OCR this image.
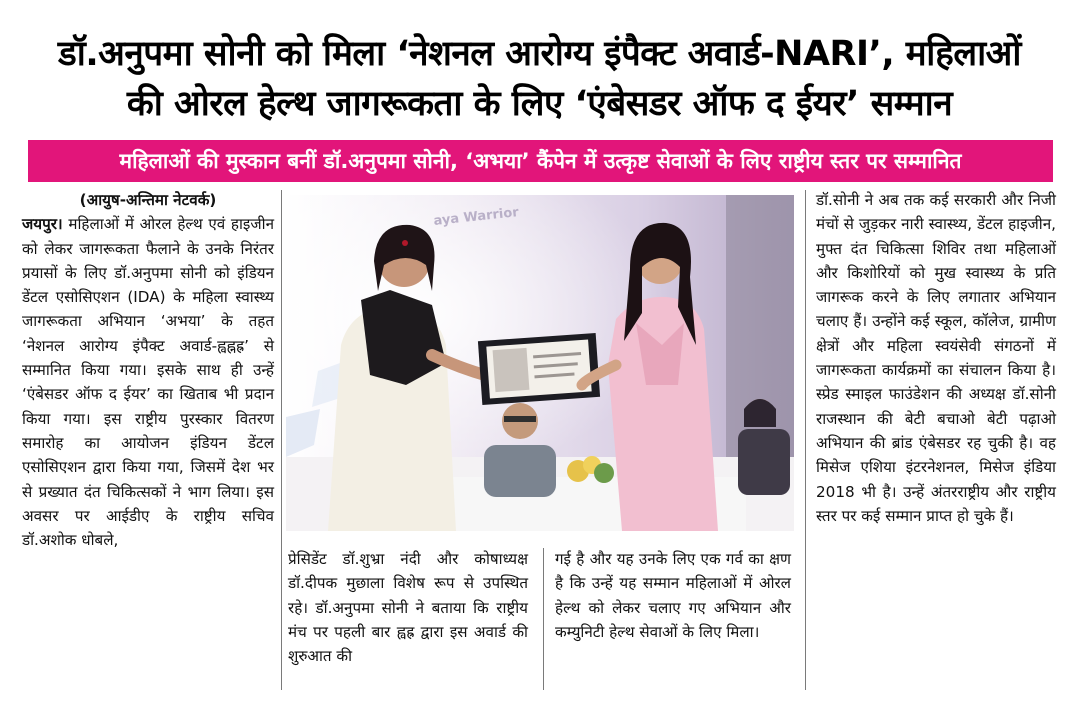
डॉ.अनुपमा सोनी को मिला ‘नेशनल आरोग्य इंपैक्ट अवार्ड-NARI’, महिलाओं
की ओरल हेल्थ जागरूकता के लिए ‘एंबेसडर ऑफ द ईयर’ सम्मान
महिलाओं की मुस्कान बनीं डॉ.अनुपमा सोनी, ‘अभया’ कैंपेन में उत्कृष्ट सेवाओं के लिए राष्ट्रीय स्तर पर सम्मानित
(आयुष-अन्तिमा नेटवर्क)
जयपुर। महिलाओं में ओरल हेल्थ एवं हाइजीन को लेकर जागरूकता फैलाने के उनके निरंतर प्रयासों के लिए डॉ.अनुपमा सोनी को इंडियन डेंटल एसोसिएशन (IDA) के महिला स्वास्थ्य जागरूकता अभियान ‘अभया’ के तहत ‘नेशनल आरोग्य इंपैक्ट अवार्ड-ह्वह्नह्र’ से सम्मानित किया गया। इसके साथ ही उन्हें ‘एंबेसडर ऑफ द ईयर’ का खिताब भी प्रदान किया गया। इस राष्ट्रीय पुरस्कार वितरण समारोह का आयोजन इंडियन डेंटल एसोसिएशन द्वारा किया गया, जिसमें देश भर से प्रख्यात दंत चिकित्सकों ने भाग लिया। इस अवसर पर आईडीए के राष्ट्रीय सचिव डॉ.अशोक धोबले,
aya Warrior
प्रेसिडेंट डॉ.शुभ्रा नंदी और कोषाध्यक्ष डॉ.दीपक मुछाला विशेष रूप से उपस्थित रहे। डॉ.अनुपमा सोनी ने बताया कि राष्ट्रीय मंच पर पहली बार ह्वह्र द्वारा इस अवार्ड की शुरुआत की
गई है और यह उनके लिए एक गर्व का क्षण है कि उन्हें यह सम्मान महिलाओं में ओरल हेल्थ को लेकर चलाए गए अभियान और कम्युनिटी हेल्थ सेवाओं के लिए मिला।
डॉ.सोनी ने अब तक कई सरकारी और निजी मंचों से जुड़कर नारी स्वास्थ्य, डेंटल हाइजीन, मुफ्त दंत चिकित्सा शिविर तथा महिलाओं और किशोरियों को मुख स्वास्थ्य के प्रति जागरूक करने के लिए लगातार अभियान चलाए हैं। उन्होंने कई स्कूल, कॉलेज, ग्रामीण क्षेत्रों और महिला स्वयंसेवी संगठनों में जागरूकता कार्यक्रमों का संचालन किया है। स्प्रेड स्माइल फाउंडेशन की अध्यक्ष डॉ.सोनी राजस्थान की बेटी बचाओ बेटी पढ़ाओ अभियान की ब्रांड एंबेसडर रह चुकी है। वह मिसेज एशिया इंटरनेशनल, मिसेज इंडिया 2018 भी है। उन्हें अंतरराष्ट्रीय और राष्ट्रीय स्तर पर कई सम्मान प्राप्त हो चुके हैं।
